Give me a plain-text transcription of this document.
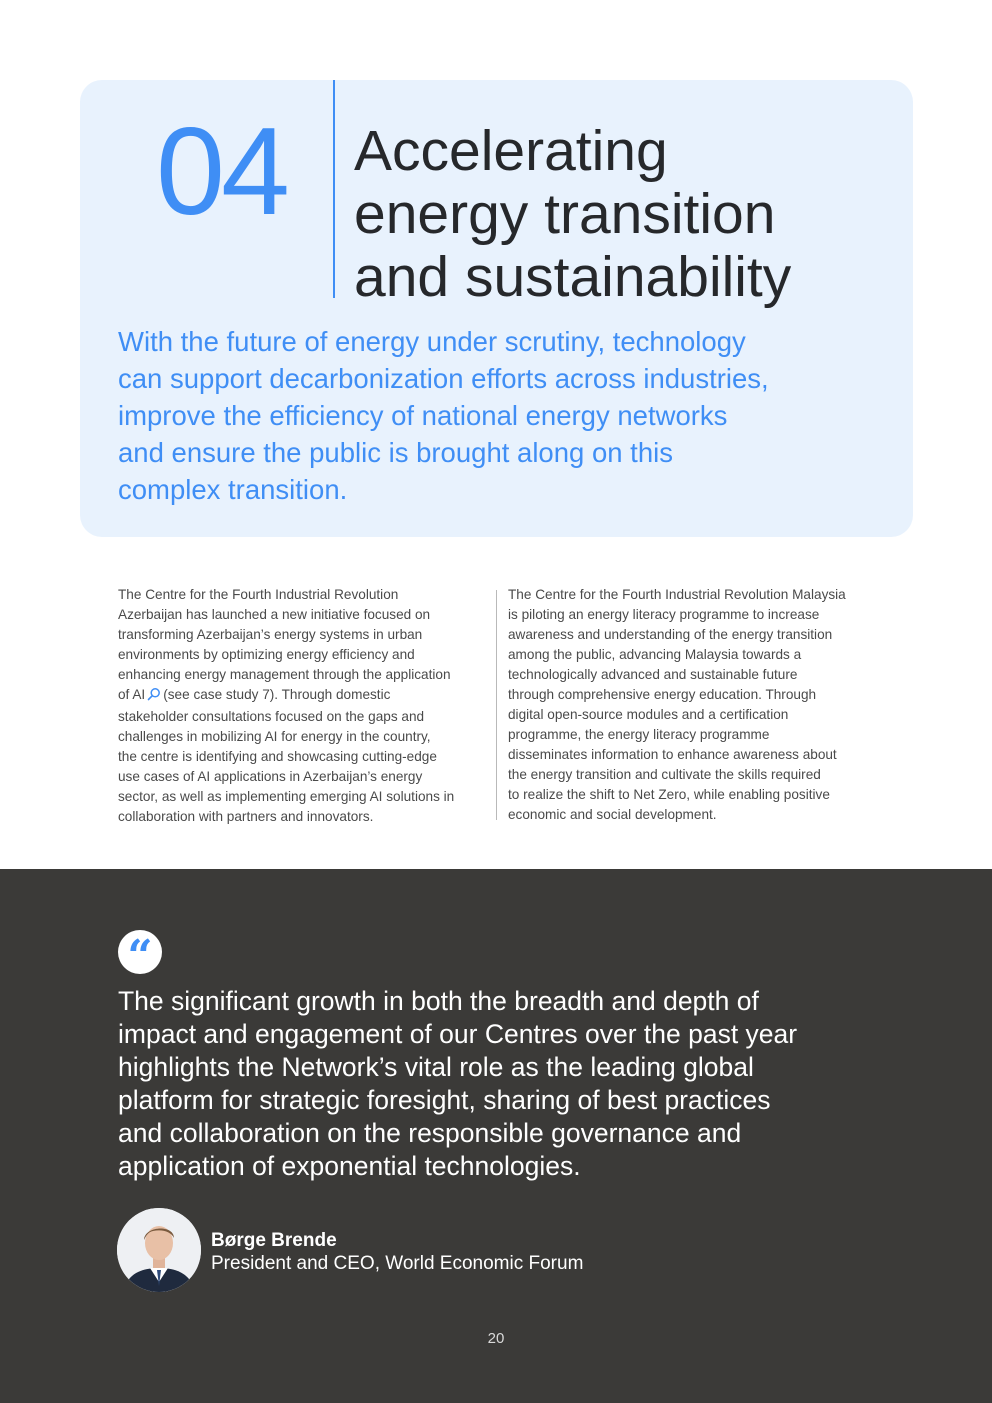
04 Accelerating
energy transition
and sustainability

With the future of energy under scrutiny, technology
can support decarbonization efforts across industries,
improve the efficiency of national energy networks
and ensure the public is brought along on this
complex transition.

The Centre for the Fourth Industrial Revolution
Azerbaijan has launched a new initiative focused on
transforming Azerbaijan’s energy systems in urban
environments by optimizing energy efficiency and
enhancing energy management through the application
of AI (see case study 7). Through domestic
stakeholder consultations focused on the gaps and
challenges in mobilizing AI for energy in the country,
the centre is identifying and showcasing cutting-edge
use cases of AI applications in Azerbaijan’s energy
sector, as well as implementing emerging AI solutions in
collaboration with partners and innovators.

The Centre for the Fourth Industrial Revolution Malaysia
is piloting an energy literacy programme to increase
awareness and understanding of the energy transition
among the public, advancing Malaysia towards a
technologically advanced and sustainable future
through comprehensive energy education. Through
digital open-source modules and a certification
programme, the energy literacy programme
disseminates information to enhance awareness about
the energy transition and cultivate the skills required
to realize the shift to Net Zero, while enabling positive
economic and social development.

“

The significant growth in both the breadth and depth of
impact and engagement of our Centres over the past year
highlights the Network’s vital role as the leading global
platform for strategic foresight, sharing of best practices
and collaboration on the responsible governance and
application of exponential technologies.

Børge Brende
President and CEO, World Economic Forum
20
